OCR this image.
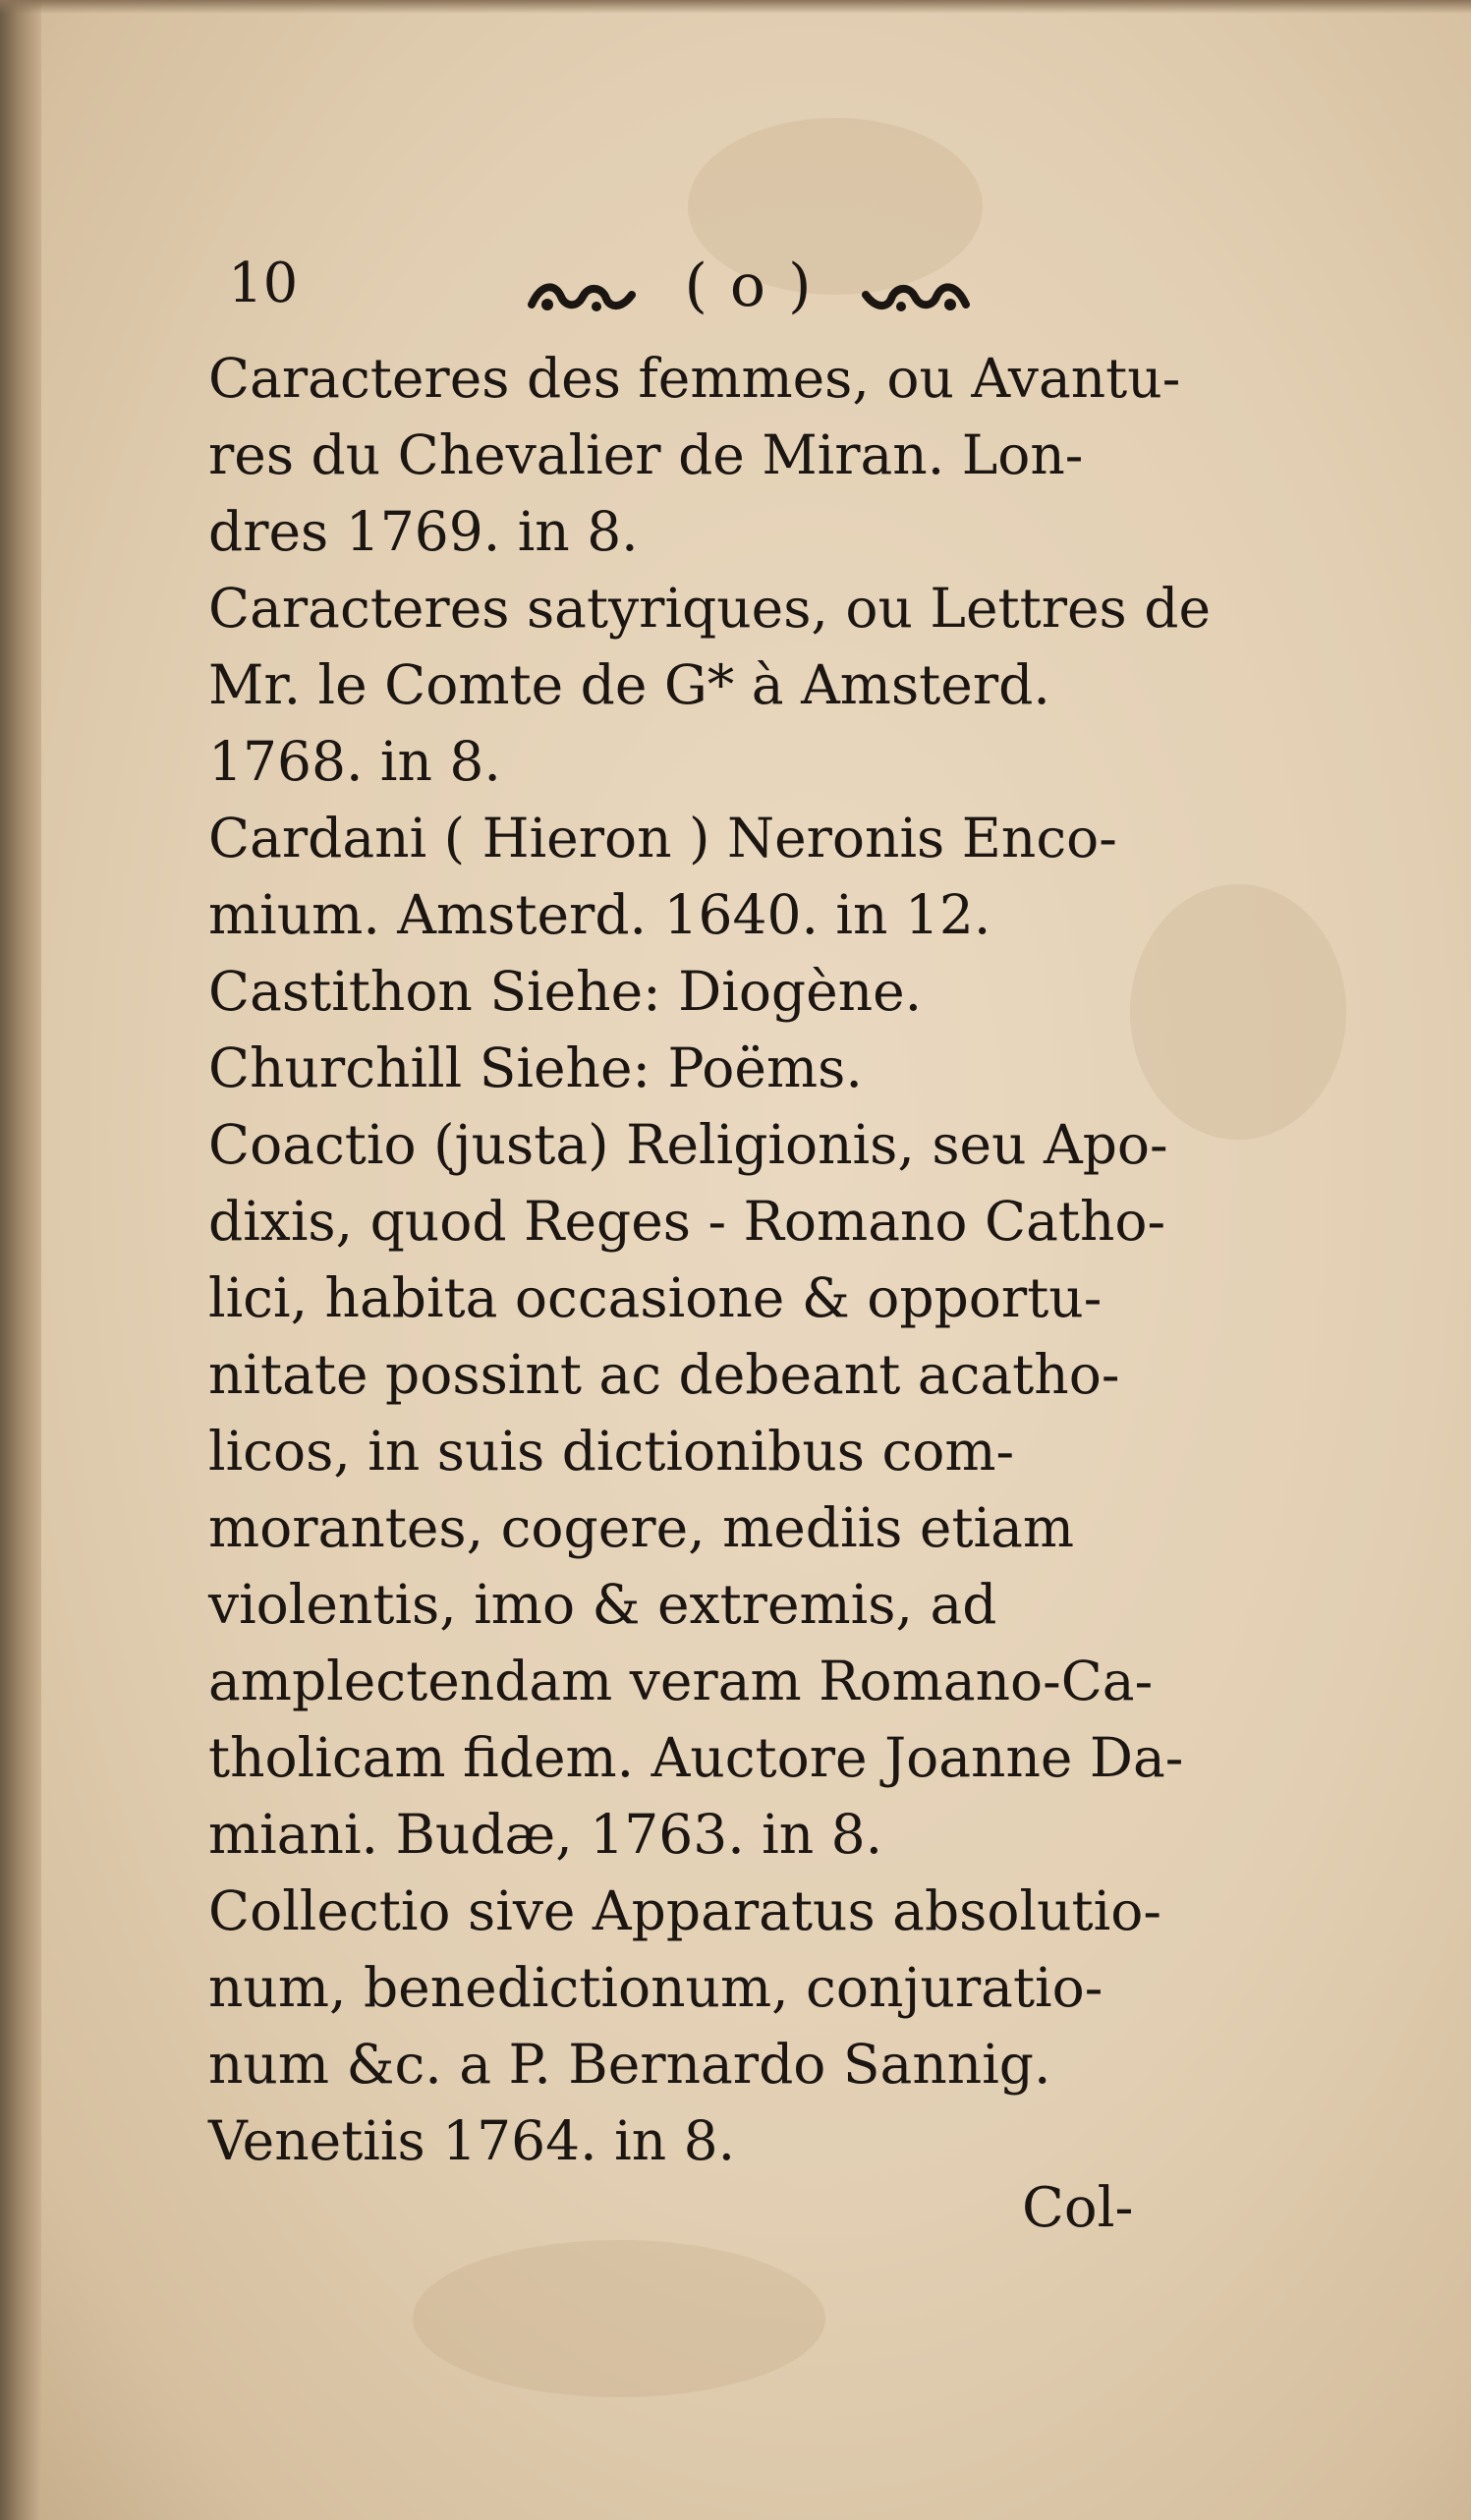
10	( o )

Caracteres des femmes, ou Avantu-
res du Chevalier de Miran. Lon-
dres 1769. in 8.

Caracteres satyriques, ou Lettres de
Mr. le Comte de G* à Amsterd.
1768. in 8.

Cardani ( Hieron ) Neronis Enco-
mium. Amsterd. 1640. in 12.

Castithon Siehe: Diogène.

Churchill Siehe: Poëms.

Coactio (justa) Religionis, seu Apo-
dixis, quod Reges - Romano Catho-
lici, habita occasione & opportu-
nitate possint ac debeant acatho-
licos, in suis dictionibus com-
morantes, cogere, mediis etiam
violentis, imo & extremis, ad
amplectendam veram Romano-Ca-
tholicam fidem. Auctore Joanne Da-
miani. Budæ, 1763. in 8.

Collectio sive Apparatus absolutio-
num, benedictionum, conjuratio-
num &c. a P. Bernardo Sannig.
Venetiis 1764. in 8.

Col-
